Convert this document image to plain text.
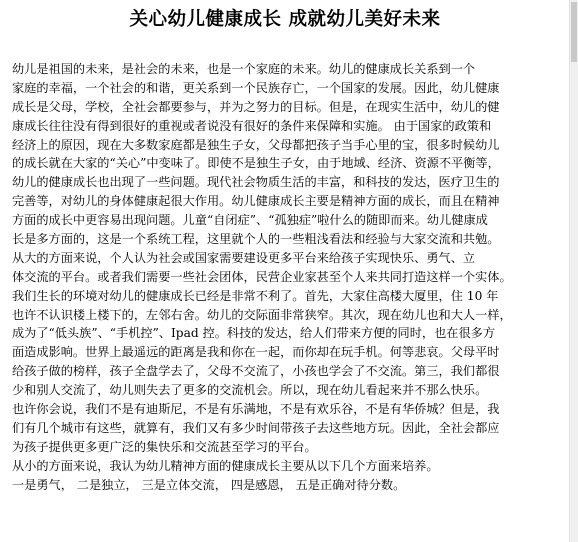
关心幼儿健康成长 成就幼儿美好未来
幼儿是祖国的未来，是社会的未来，也是一个家庭的未来。幼儿的健康成长关系到一个
家庭的幸福，一个社会的和谐，更关系到一个民族存亡，一个国家的发展。因此，幼儿健康
成长是父母，学校，全社会都要参与，并为之努力的目标。但是，在现实生活中，幼儿的健
康成长往往没有得到很好的重视或者说没有很好的条件来保障和实施。 由于国家的政策和
经济上的原因，现在大多数家庭都是独生子女，父母都把孩子当手心里的宝，很多时候幼儿
的成长就在大家的“关心”中变味了。即使不是独生子女，由于地域、经济、资源不平衡等，
幼儿的健康成长也出现了一些问题。现代社会物质生活的丰富，和科技的发达，医疗卫生的
完善等，对幼儿的身体健康起很大作用。幼儿健康成长主要是精神方面的成长，而且在精神
方面的成长中更容易出现问题。儿童“自闭症”、“孤独症”啦什么的随即而来。幼儿健康成
长是多方面的，这是一个系统工程，这里就个人的一些粗浅看法和经验与大家交流和共勉。
从大的方面来说，个人认为社会或国家需要建设更多平台来给孩子实现快乐、勇气、立
体交流的平台。或者我们需要一些社会团体，民营企业家甚至个人来共同打造这样一个实体。
我们生长的环境对幼儿的健康成长已经是非常不利了。首先，大家住高楼大厦里，住 10 年
也许不认识楼上楼下的，左邻右舍。幼儿的交际面非常狭窄。其次，现在幼儿也和大人一样，
成为了“低头族”、“手机控”、Ipad 控。科技的发达，给人们带来方便的同时，也在很多方
面造成影响。世界上最遥远的距离是我和你在一起，而你却在玩手机。何等悲哀。父母平时
给孩子做的榜样，孩子全盘学去了，父母不交流了，小孩也学会了不交流。第三，我们都很
少和别人交流了，幼儿则失去了更多的交流机会。所以，现在幼儿看起来并不那么快乐。
也许你会说，我们不是有迪斯尼，不是有乐满地，不是有欢乐谷，不是有华侨城？但是，我
们有几个城市有这些，就算有，我们又有多少时间带孩子去这些地方玩。因此，全社会都应
为孩子提供更多更广泛的集快乐和交流甚至学习的平台。
从小的方面来说，我认为幼儿精神方面的健康成长主要从以下几个方面来培养。
一是勇气， 二是独立， 三是立体交流， 四是感恩， 五是正确对待分数。
